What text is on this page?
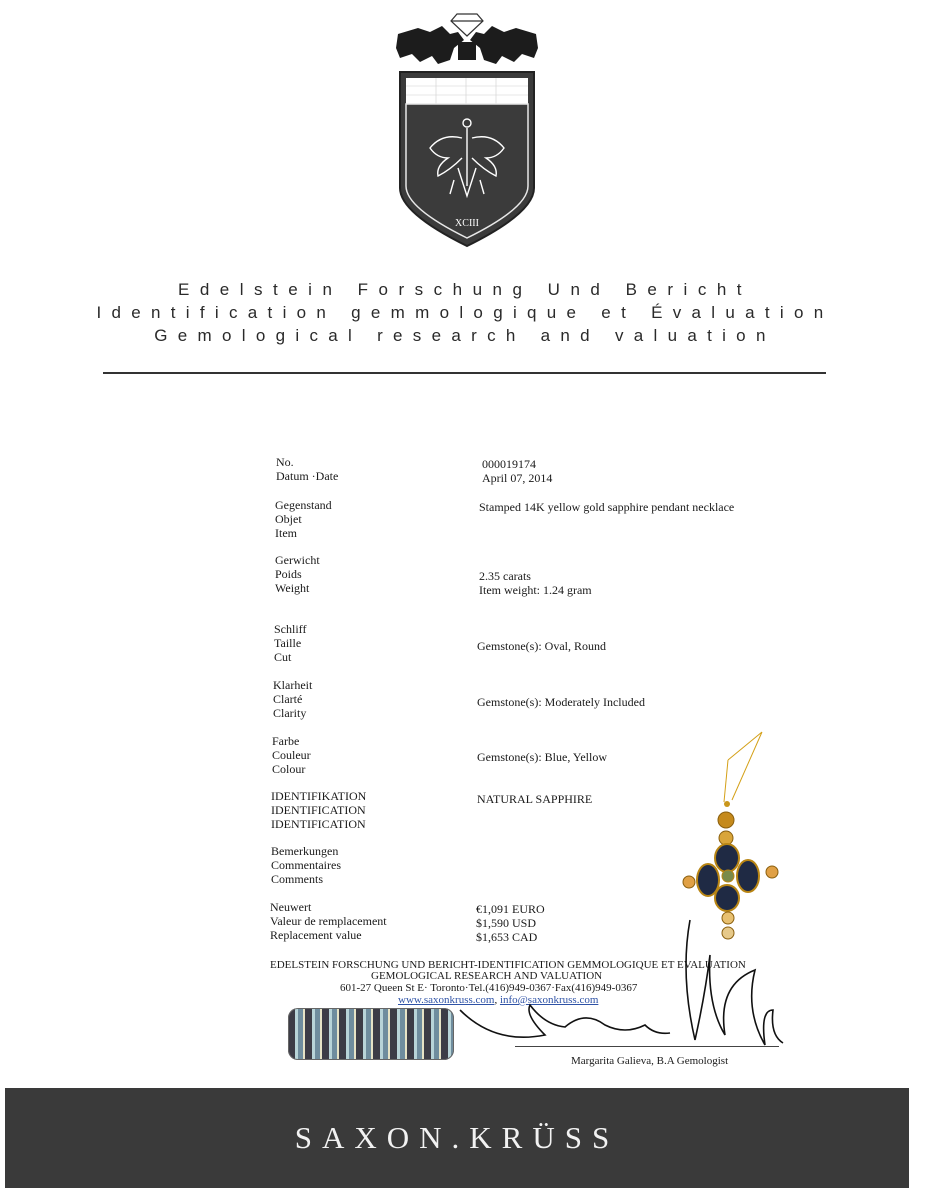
XCIII
Edelstein Forschung Und Bericht
Identification gemmologique et Évaluation
Gemological research and valuation
No.
Datum ·Date
Gegenstand
Objet
Item
Gerwicht
Poids
Weight
Schliff
Taille
Cut
Klarheit
Clarté
Clarity
Farbe
Couleur
Colour
IDENTIFIKATION
IDENTIFICATION
IDENTIFICATION
Bemerkungen
Commentaires
Comments
Neuwert
Valeur de remplacement
Replacement value
000019174
April 07, 2014
Stamped 14K yellow gold sapphire pendant necklace
2.35 carats
Item weight: 1.24 gram
Gemstone(s): Oval, Round
Gemstone(s): Moderately Included
Gemstone(s): Blue, Yellow
NATURAL SAPPHIRE
€1,091 EURO
$1,590 USD
$1,653 CAD
EDELSTEIN FORSCHUNG UND BERICHT-IDENTIFICATION GEMMOLOGIQUE ET EVALUATION
GEMOLOGICAL RESEARCH AND VALUATION
601-27 Queen St E· Toronto·Tel.(416)949-0367·Fax(416)949-0367
www.saxonkruss.com, info@saxonkruss.com
Margarita Galieva, B.A Gemologist
SAXON.KRÜSS
